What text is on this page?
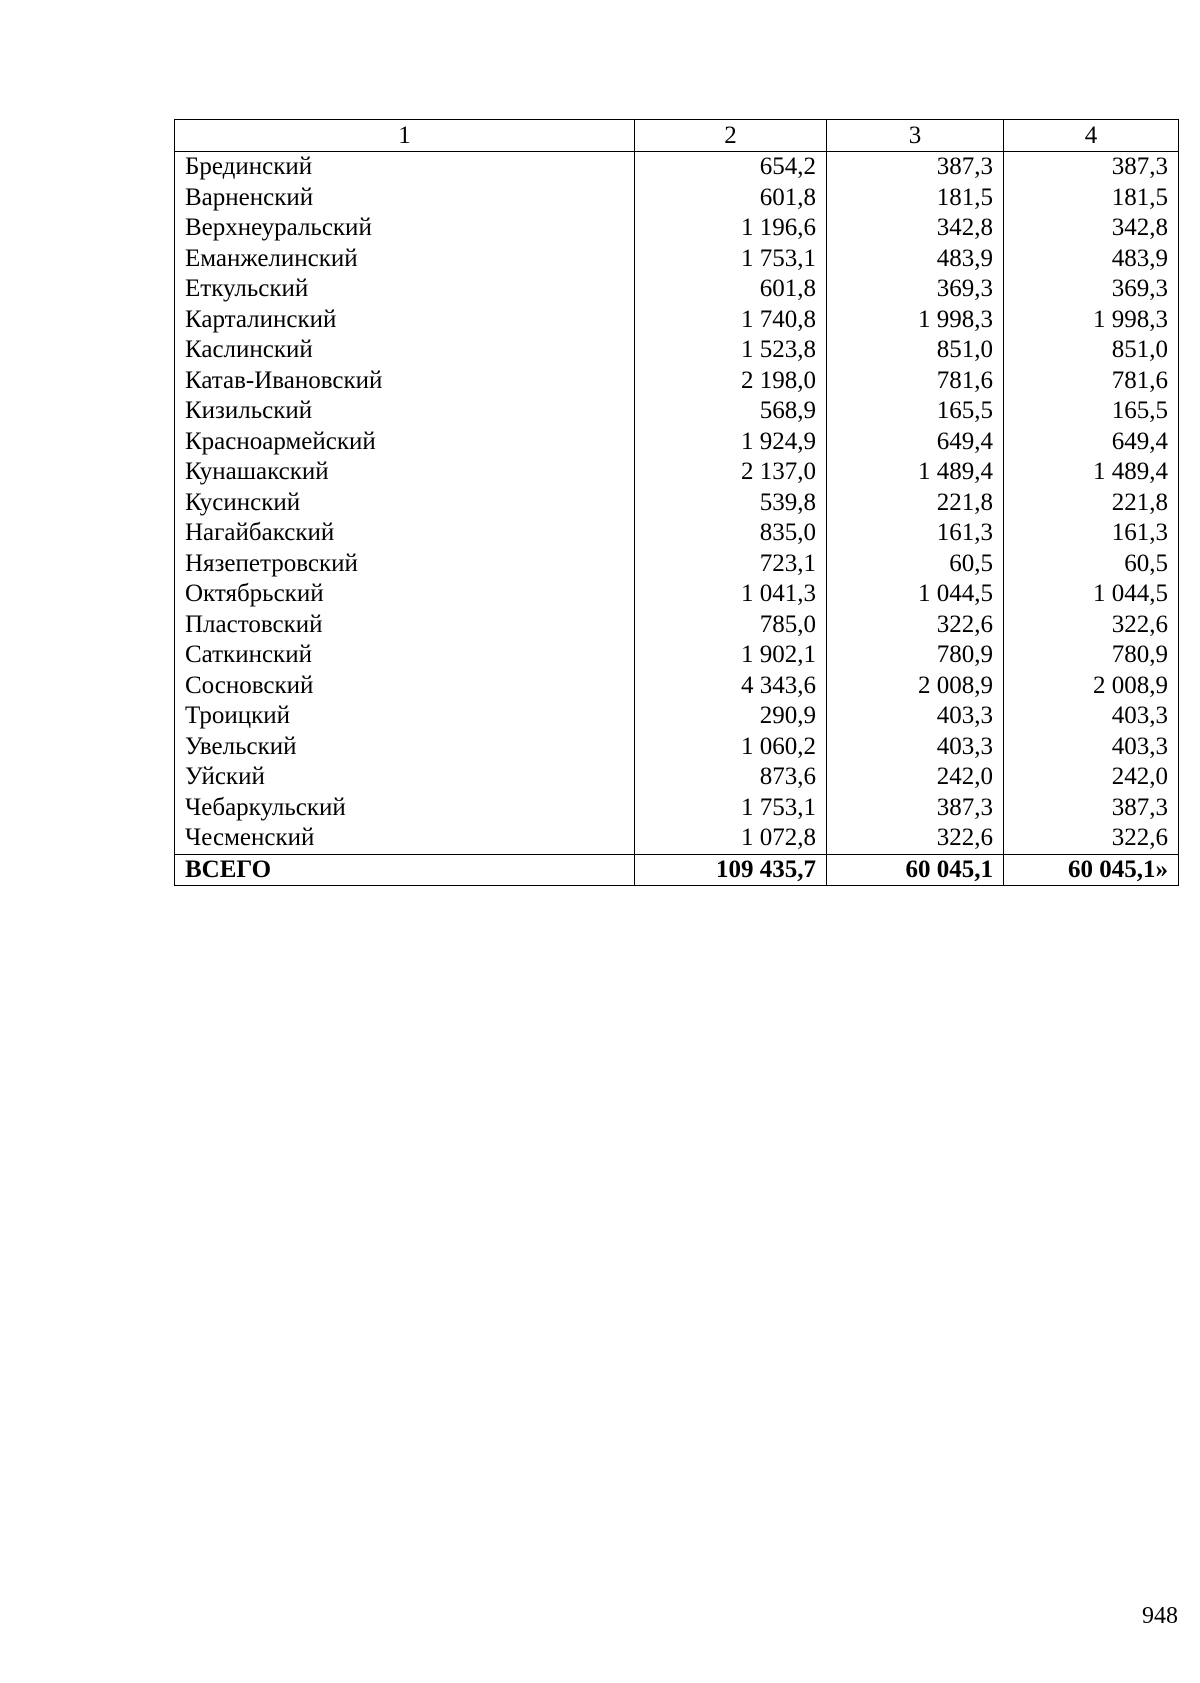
1	2	3	4
Брединский	654,2	387,3	387,3
Варненский	601,8	181,5	181,5
Верхнеуральский	1 196,6	342,8	342,8
Еманжелинский	1 753,1	483,9	483,9
Еткульский	601,8	369,3	369,3
Карталинский	1 740,8	1 998,3	1 998,3
Каслинский	1 523,8	851,0	851,0
Катав-Ивановский	2 198,0	781,6	781,6
Кизильский	568,9	165,5	165,5
Красноармейский	1 924,9	649,4	649,4
Кунашакский	2 137,0	1 489,4	1 489,4
Кусинский	539,8	221,8	221,8
Нагайбакский	835,0	161,3	161,3
Нязепетровский	723,1	60,5	60,5
Октябрьский	1 041,3	1 044,5	1 044,5
Пластовский	785,0	322,6	322,6
Саткинский	1 902,1	780,9	780,9
Сосновский	4 343,6	2 008,9	2 008,9
Троицкий	290,9	403,3	403,3
Увельский	1 060,2	403,3	403,3
Уйский	873,6	242,0	242,0
Чебаркульский	1 753,1	387,3	387,3
Чесменский	1 072,8	322,6	322,6
ВСЕГО	109 435,7	60 045,1	60 045,1»
948
